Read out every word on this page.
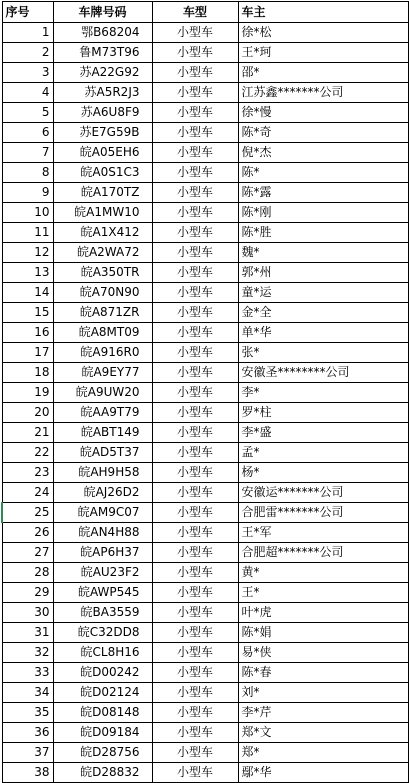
序号	车牌号码	车型	车主
1	鄂B68204	小型车	徐*松
2	鲁M73T96	小型车	王*珂
3	苏A22G92	小型车	邵*
4	苏A5R2J3	小型车	江苏鑫*******公司
5	苏A6U8F9	小型车	徐*慢
6	苏E7G59B	小型车	陈*奇
7	皖A05EH6	小型车	倪*杰
8	皖A0S1C3	小型车	陈*
9	皖A170TZ	小型车	陈*露
10	皖A1MW10	小型车	陈*刚
11	皖A1X412	小型车	陈*胜
12	皖A2WA72	小型车	魏*
13	皖A350TR	小型车	郭*州
14	皖A70N90	小型车	童*运
15	皖A871ZR	小型车	金*全
16	皖A8MT09	小型车	单*华
17	皖A916R0	小型车	张*
18	皖A9EY77	小型车	安徽圣********公司
19	皖A9UW20	小型车	李*
20	皖AA9T79	小型车	罗*柱
21	皖ABT149	小型车	李*盛
22	皖AD5T37	小型车	孟*
23	皖AH9H58	小型车	杨*
24	皖AJ26D2	小型车	安徽运*******公司
25	皖AM9C07	小型车	合肥雷*******公司
26	皖AN4H88	小型车	王*军
27	皖AP6H37	小型车	合肥超*******公司
28	皖AU23F2	小型车	黄*
29	皖AWP545	小型车	王*
30	皖BA3559	小型车	叶*虎
31	皖C32DD8	小型车	陈*娟
32	皖CL8H16	小型车	易*侠
33	皖D00242	小型车	陈*春
34	皖D02124	小型车	刘*
35	皖D08148	小型车	李*芹
36	皖D09184	小型车	郑*文
37	皖D28756	小型车	郑*
38	皖D28832	小型车	鄢*华
